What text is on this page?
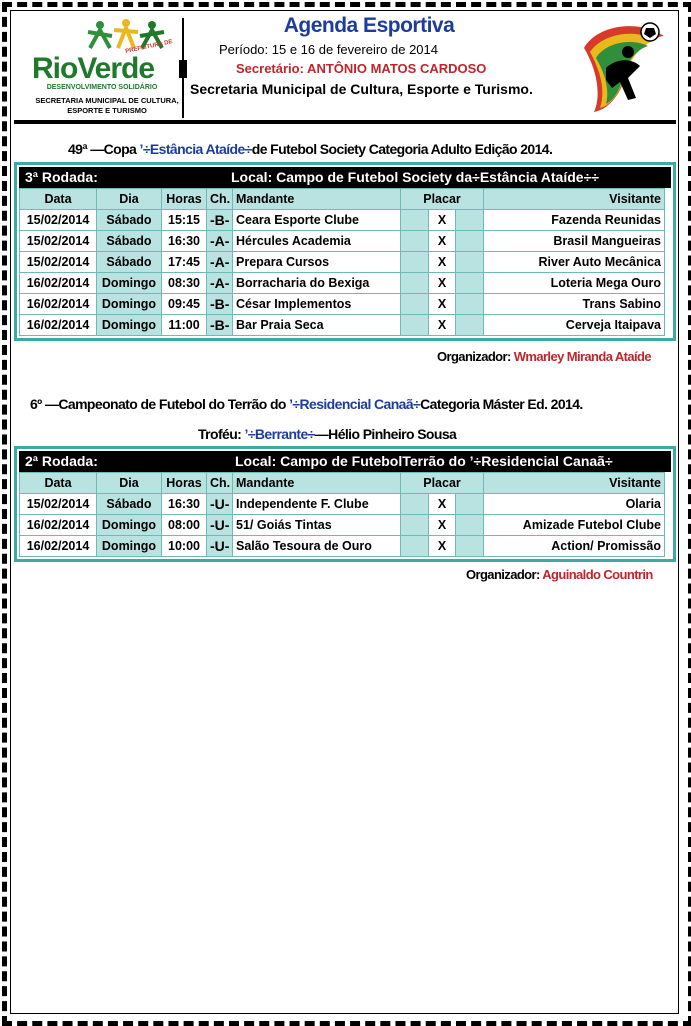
PREFEITURA DE
RioVerde
DESENVOLVIMENTO SOLIDÁRIO
SECRETARIA MUNICIPAL DE CULTURA,
ESPORTE E TURISMO
Agenda Esportiva
Período: 15 e 16 de fevereiro de 2014
Secretário: ANTÔNIO MATOS CARDOSO
Secretaria Municipal de Cultura, Esporte e Turismo.
49ª —Copa ’÷Estância Ataíde÷de Futebol Society Categoria Adulto Edição 2014.
3ª Rodada:	Local: Campo de Futebol Society da÷Estância Ataíde÷÷
Data	Dia	Horas	Ch.	Mandante	Placar			Visitante
15/02/2014	Sábado	15:15	-B-	Ceara Esporte Clube		X		Fazenda Reunidas
15/02/2014	Sábado	16:30	-A-	Hércules Academia		X		Brasil Mangueiras
15/02/2014	Sábado	17:45	-A-	Prepara Cursos		X		River Auto Mecânica
16/02/2014	Domingo	08:30	-A-	Borracharia do Bexiga		X		Loteria Mega Ouro
16/02/2014	Domingo	09:45	-B-	César Implementos		X		Trans Sabino
16/02/2014	Domingo	11:00	-B-	Bar Praia Seca		X		Cerveja Itaipava
Organizador: Wmarley Miranda Ataíde
6º —Campeonato de Futebol do Terrão do ’÷Residencial Canaã÷Categoria Máster Ed. 2014.
Troféu: ’÷Berrante÷—Hélio Pinheiro Sousa
2ª Rodada:	Local: Campo de FutebolTerrão do ’÷Residencial Canaã÷
Data	Dia	Horas	Ch.	Mandante	Placar			Visitante
15/02/2014	Sábado	16:30	-U-	Independente F. Clube		X		Olaria
16/02/2014	Domingo	08:00	-U-	51/ Goiás Tintas		X		Amizade Futebol Clube
16/02/2014	Domingo	10:00	-U-	Salão Tesoura de Ouro		X		Action/ Promissão
Organizador: Aguinaldo Countrin
